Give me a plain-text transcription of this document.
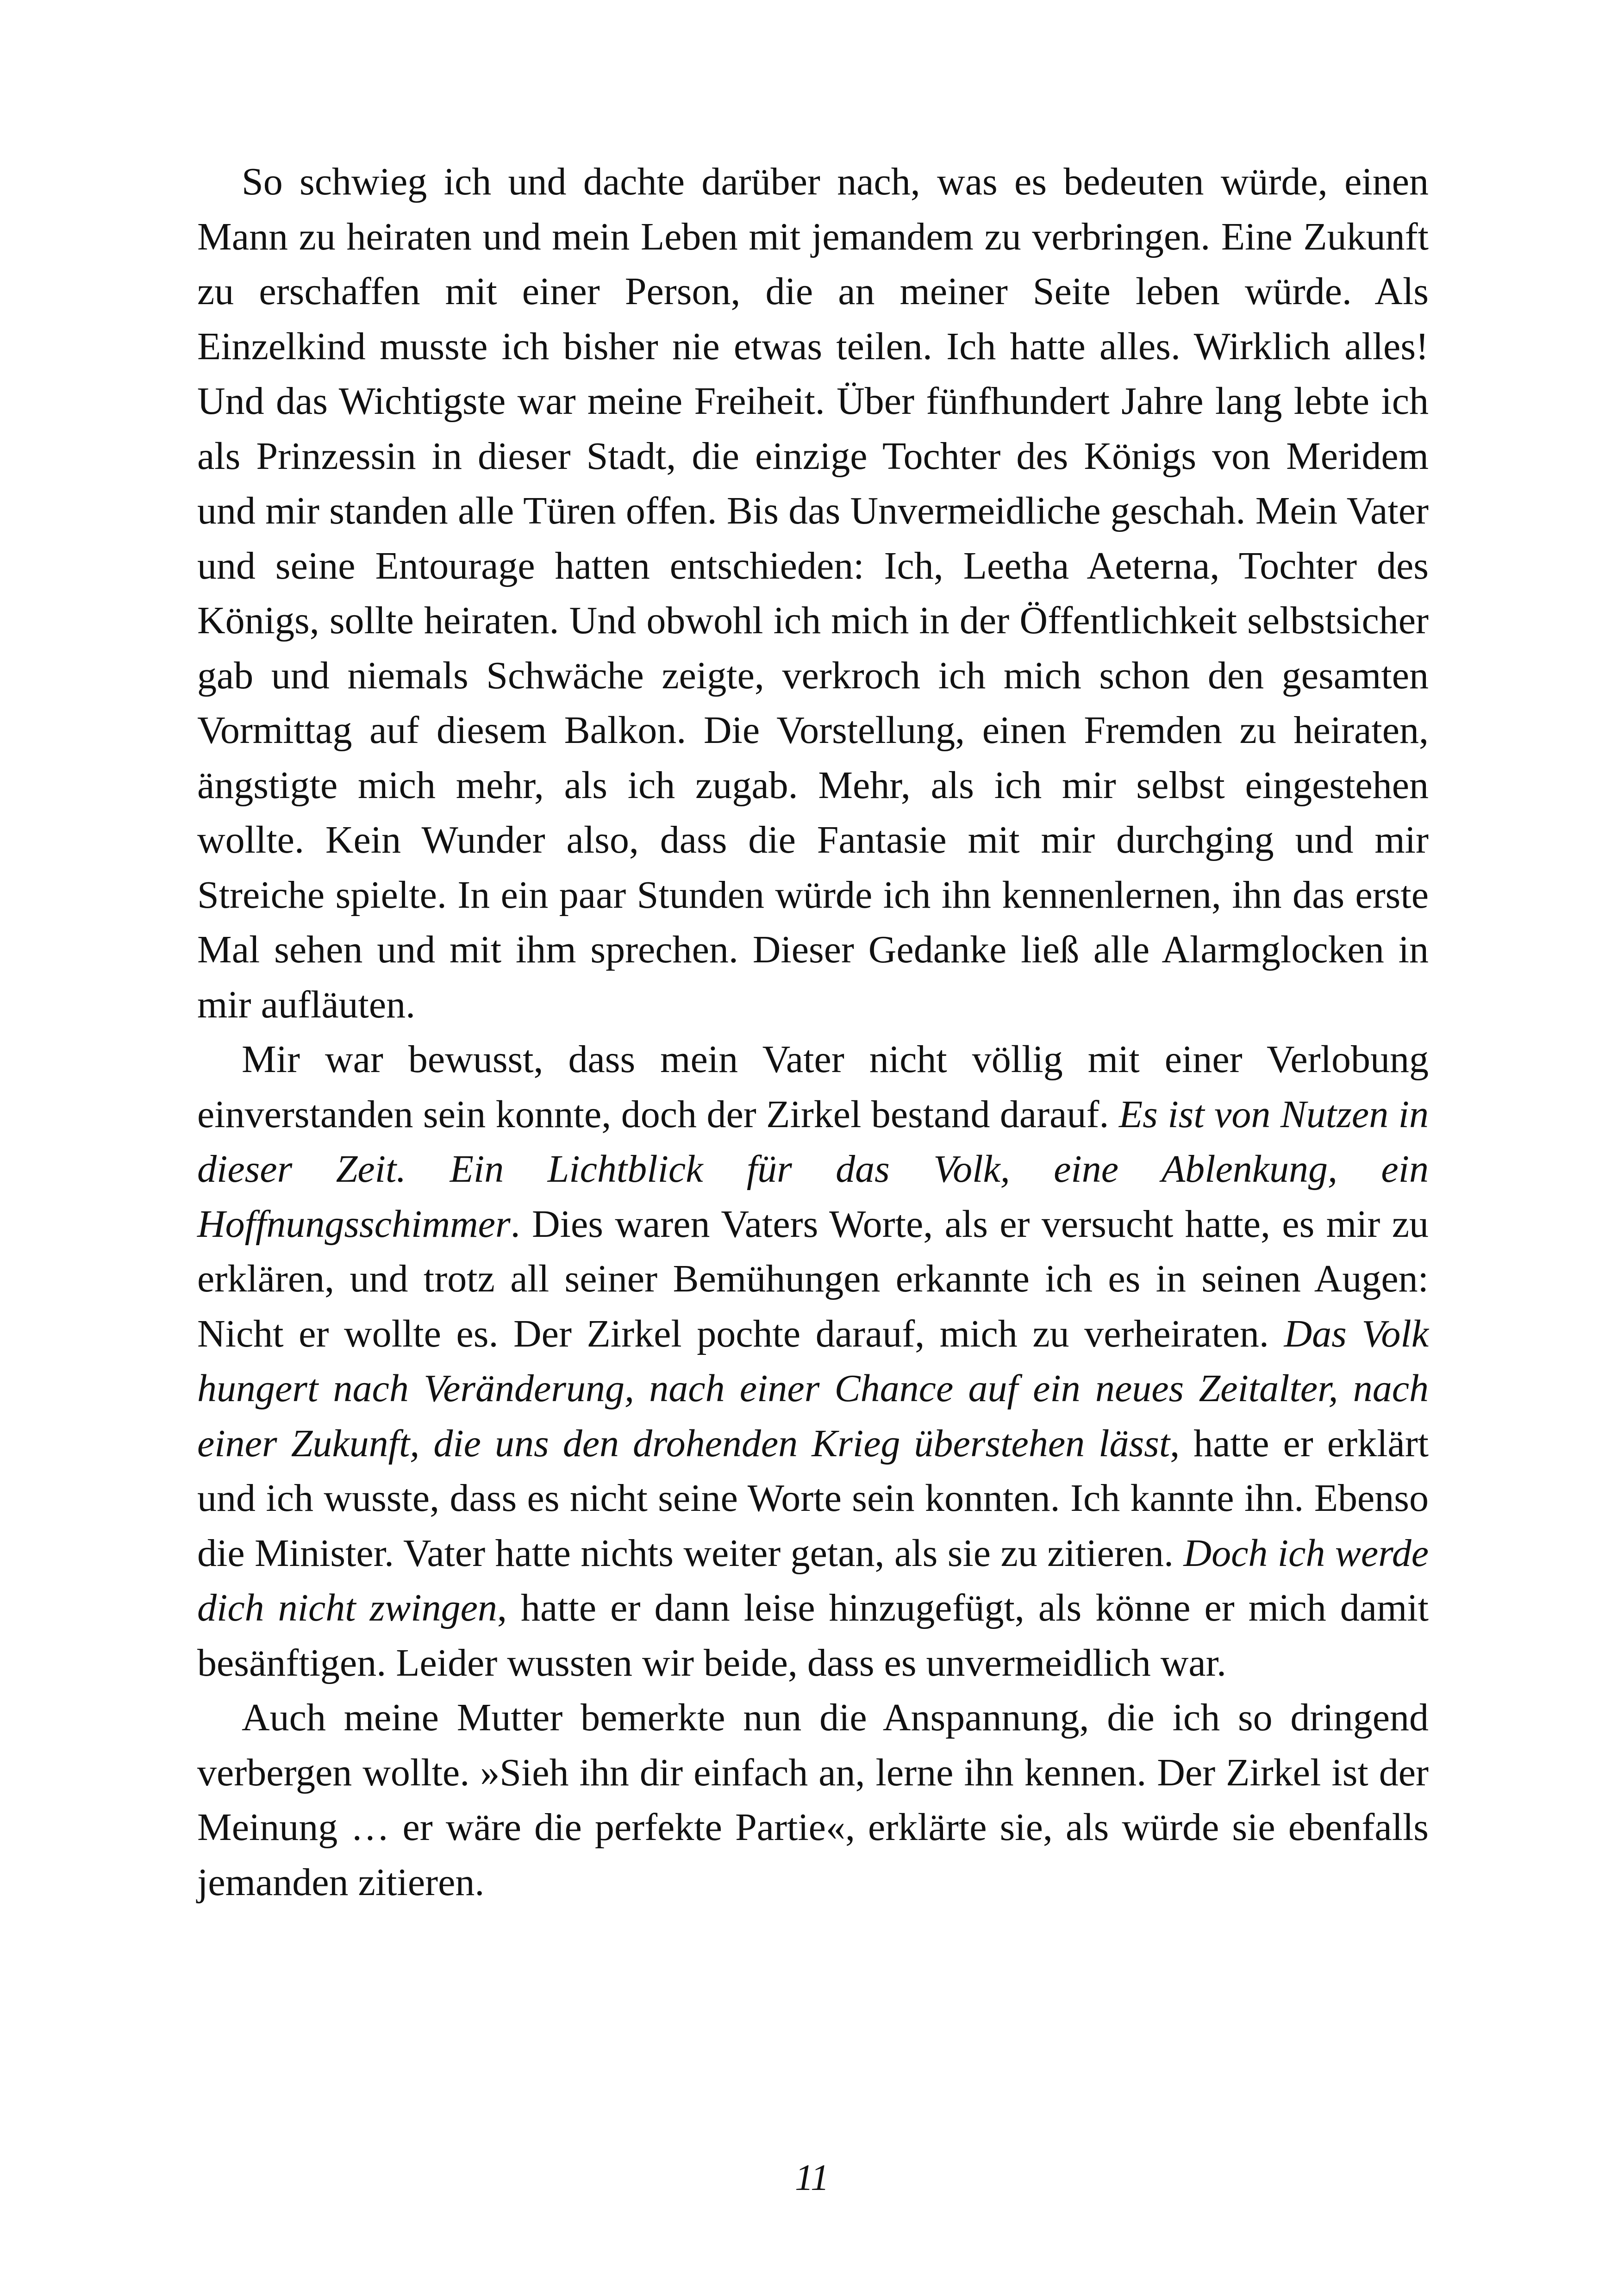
So schwieg ich und dachte darüber nach, was es bedeuten würde, einen Mann zu heiraten und mein Leben mit jemandem zu verbringen. Eine Zukunft zu erschaffen mit einer Person, die an meiner Seite leben würde. Als Einzelkind musste ich bisher nie etwas teilen. Ich hatte alles. Wirklich alles! Und das Wichtigste war meine Freiheit. Über fünfhundert Jahre lang lebte ich als Prinzessin in dieser Stadt, die einzige Tochter des Königs von Meridem und mir standen alle Türen offen. Bis das Unvermeidliche geschah. Mein Vater und seine Entourage hatten entschieden: Ich, Leetha Aeterna, Tochter des Königs, sollte heiraten. Und obwohl ich mich in der Öffentlichkeit selbstsicher gab und niemals Schwäche zeigte, verkroch ich mich schon den gesamten Vormittag auf diesem Balkon. Die Vorstellung, einen Fremden zu heiraten, ängstigte mich mehr, als ich zugab. Mehr, als ich mir selbst eingestehen wollte. Kein Wunder also, dass die Fantasie mit mir durchging und mir Streiche spielte. In ein paar Stunden würde ich ihn kennenlernen, ihn das erste Mal sehen und mit ihm sprechen. Dieser Gedanke ließ alle Alarmglocken in mir aufläuten.

Mir war bewusst, dass mein Vater nicht völlig mit einer Verlobung einverstanden sein konnte, doch der Zirkel bestand darauf. Es ist von Nutzen in dieser Zeit. Ein Lichtblick für das Volk, eine Ablenkung, ein Hoffnungsschimmer. Dies waren Vaters Worte, als er versucht hatte, es mir zu erklären, und trotz all seiner Bemühungen erkannte ich es in seinen Augen: Nicht er wollte es. Der Zirkel pochte darauf, mich zu verheiraten. Das Volk hungert nach Veränderung, nach einer Chance auf ein neues Zeitalter, nach einer Zukunft, die uns den drohenden Krieg überstehen lässt, hatte er erklärt und ich wusste, dass es nicht seine Worte sein konnten. Ich kannte ihn. Ebenso die Minister. Vater hatte nichts weiter getan, als sie zu zitieren. Doch ich werde dich nicht zwingen, hatte er dann leise hinzugefügt, als könne er mich damit besänftigen. Leider wussten wir beide, dass es unvermeidlich war.

Auch meine Mutter bemerkte nun die Anspannung, die ich so dringend verbergen wollte. »Sieh ihn dir einfach an, lerne ihn kennen. Der Zirkel ist der Meinung … er wäre die perfekte Partie«, erklärte sie, als würde sie ebenfalls jemanden zitieren.

11
